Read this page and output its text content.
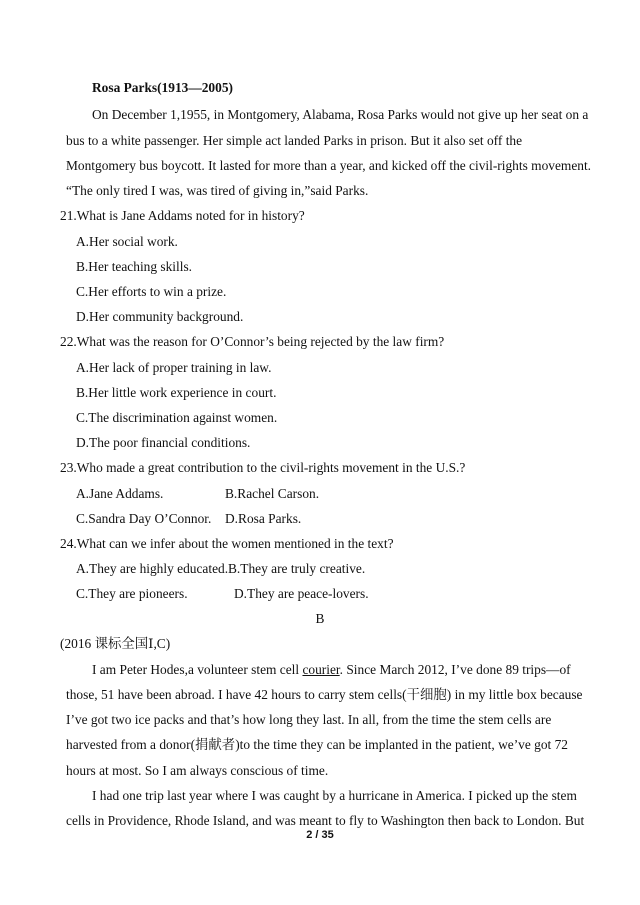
Rosa Parks(1913—2005)
On December 1,1955, in Montgomery, Alabama, Rosa Parks would not give up her seat on a
bus to a white passenger. Her simple act landed Parks in prison. But it also set off the
Montgomery bus boycott. It lasted for more than a year, and kicked off the civil-rights movement.
“The only tired I was, was tired of giving in,”said Parks.
21.What is Jane Addams noted for in history?
A.Her social work.
B.Her teaching skills.
C.Her efforts to win a prize.
D.Her community background.
22.What was the reason for O’Connor’s being rejected by the law firm?
A.Her lack of proper training in law.
B.Her little work experience in court.
C.The discrimination against women.
D.The poor financial conditions.
23.Who made a great contribution to the civil-rights movement in the U.S.?
A.Jane Addams.	B.Rachel Carson.
C.Sandra Day O’Connor. D.Rosa Parks.
24.What can we infer about the women mentioned in the text?
A.They are highly educated. B.They are truly creative.
C.They are pioneers.	D.They are peace-lovers.
B
(2016 课标全国Ⅰ,C)
I am Peter Hodes,a volunteer stem cell courier. Since March 2012, I’ve done 89 trips—of
those, 51 have been abroad. I have 42 hours to carry stem cells(干细胞) in my little box because
I’ve got two ice packs and that’s how long they last. In all, from the time the stem cells are
harvested from a donor(捐献者)to the time they can be implanted in the patient, we’ve got 72
hours at most. So I am always conscious of time.
I had one trip last year where I was caught by a hurricane in America. I picked up the stem
cells in Providence, Rhode Island, and was meant to fly to Washington then back to London. But
2 / 35
